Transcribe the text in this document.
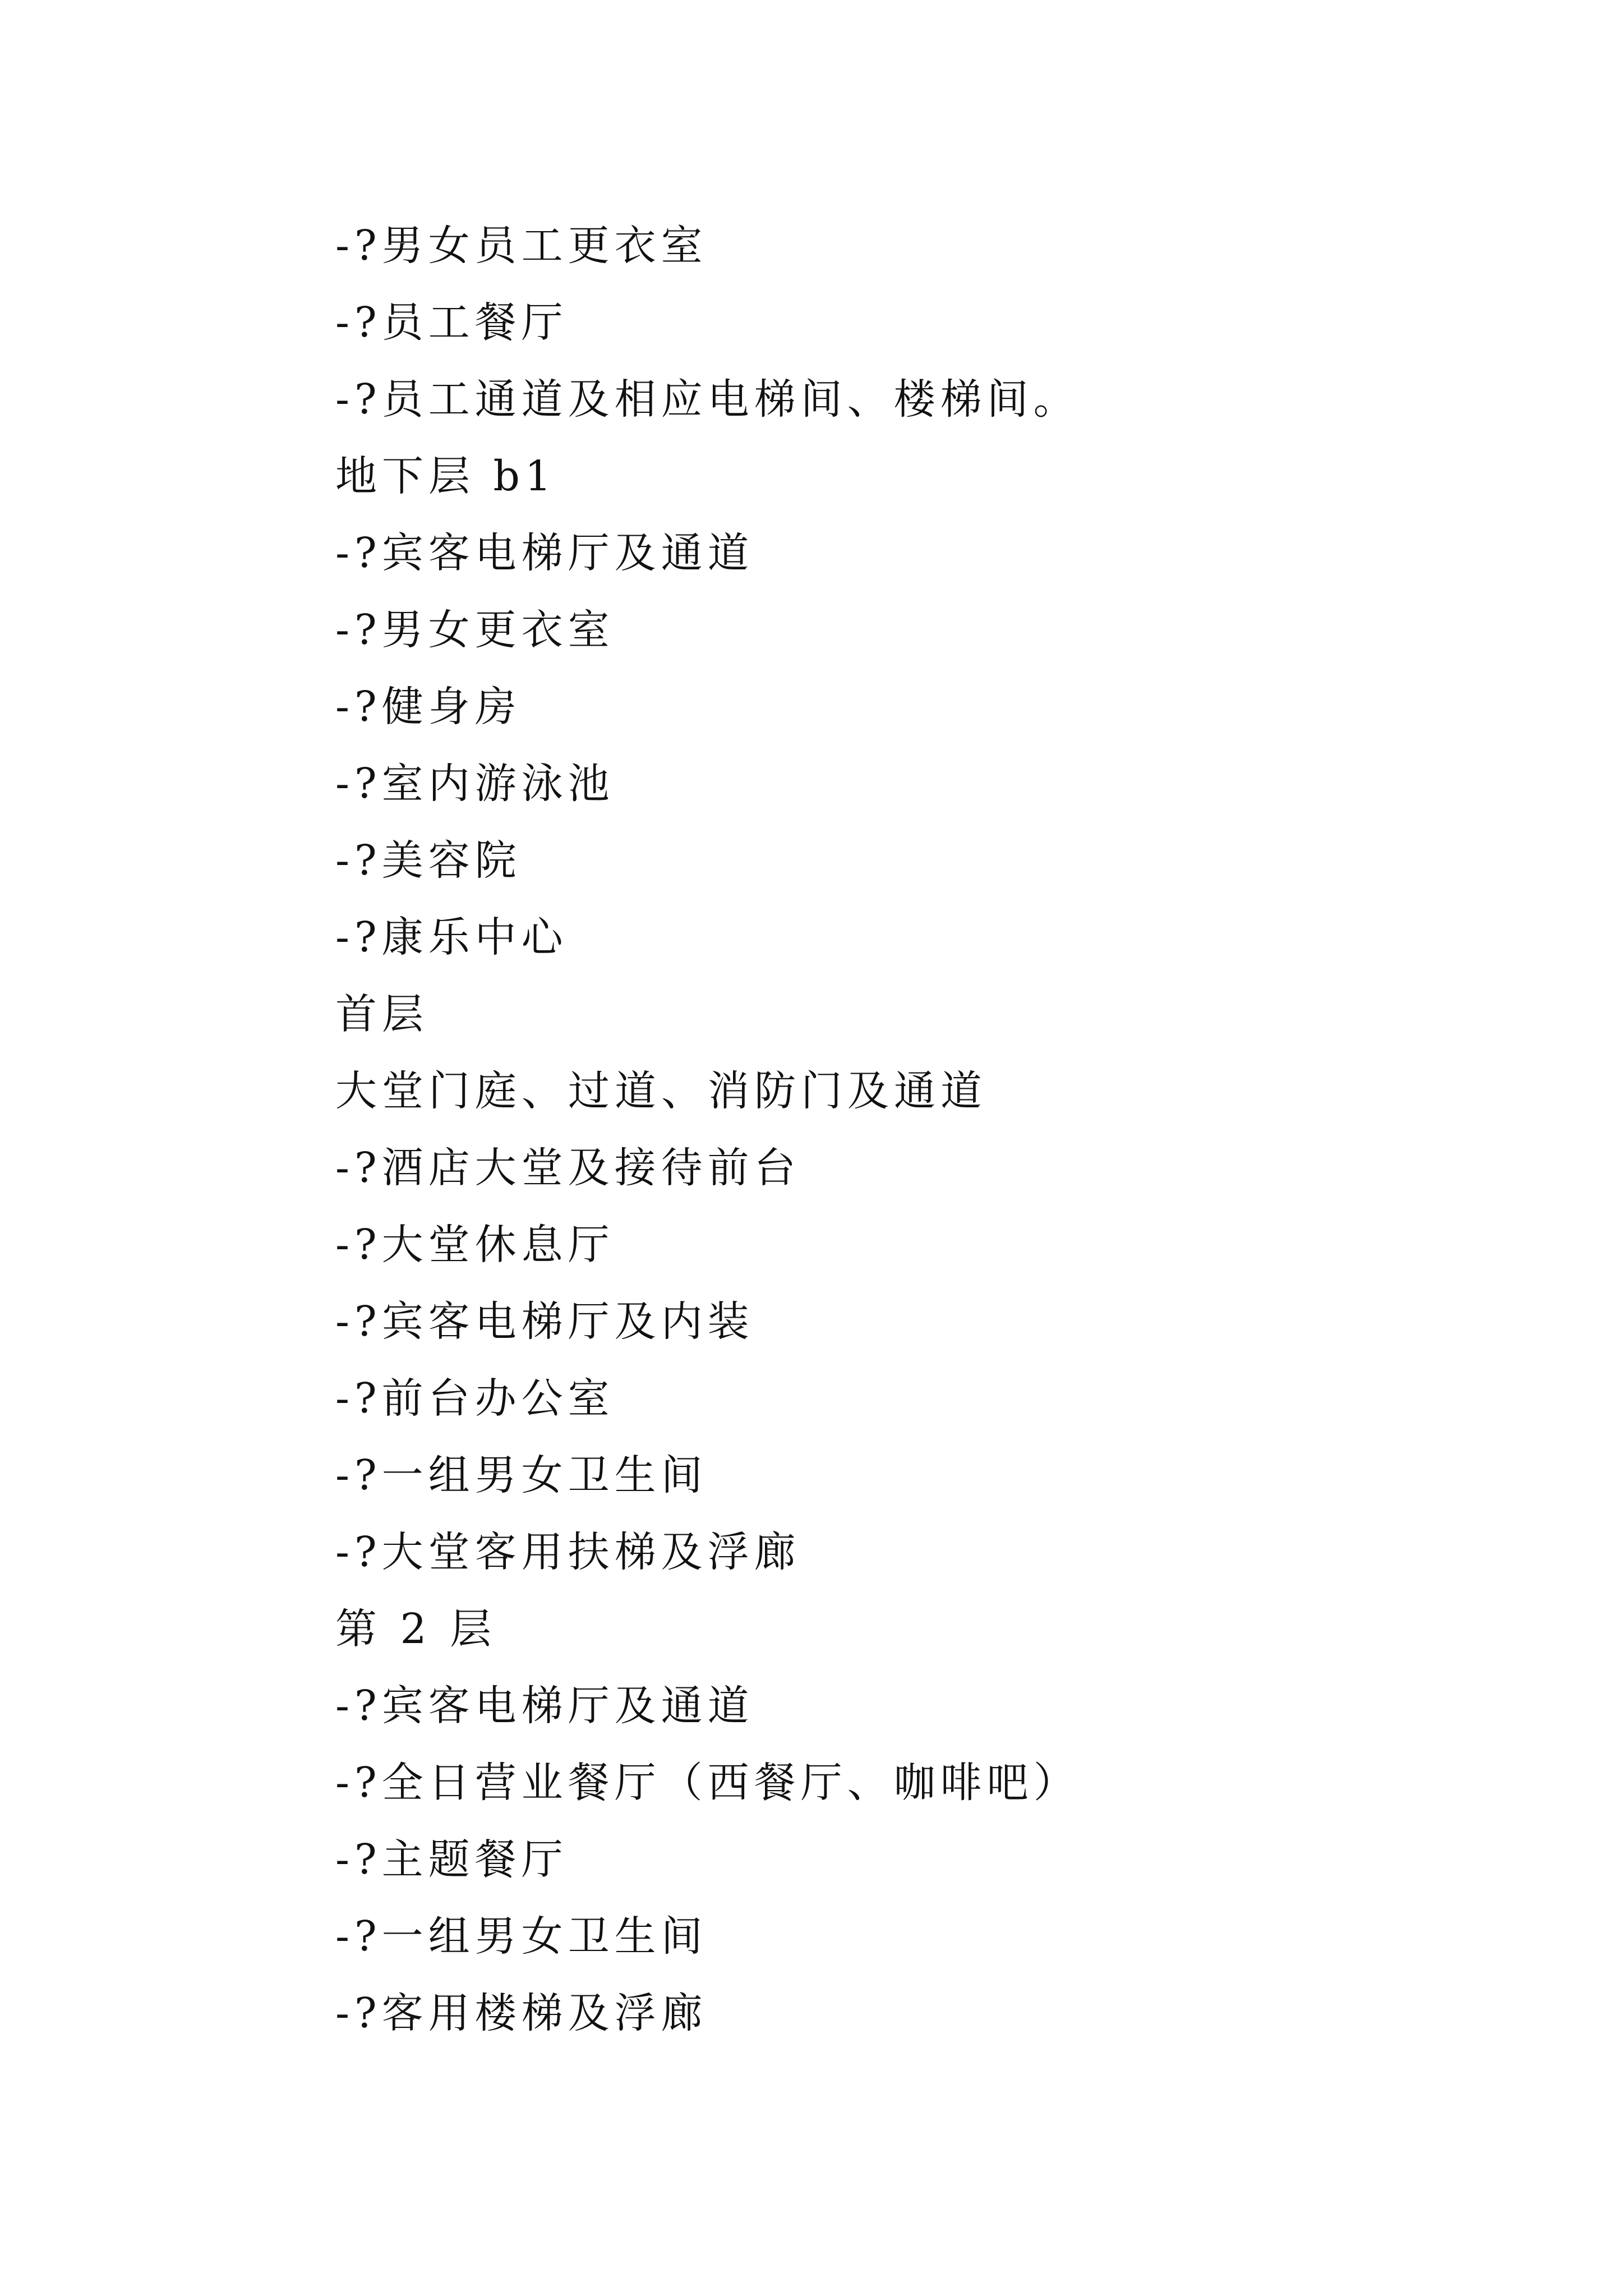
-?男女员工更衣室
-?员工餐厅
-?员工通道及相应电梯间、楼梯间。
地下层 b1
-?宾客电梯厅及通道
-?男女更衣室
-?健身房
-?室内游泳池
-?美容院
-?康乐中心
首层
大堂门庭、过道、消防门及通道
-?酒店大堂及接待前台
-?大堂休息厅
-?宾客电梯厅及内装
-?前台办公室
-?一组男女卫生间
-?大堂客用扶梯及浮廊
第 2 层
-?宾客电梯厅及通道
-?全日营业餐厅（西餐厅、咖啡吧）
-?主题餐厅
-?一组男女卫生间
-?客用楼梯及浮廊
